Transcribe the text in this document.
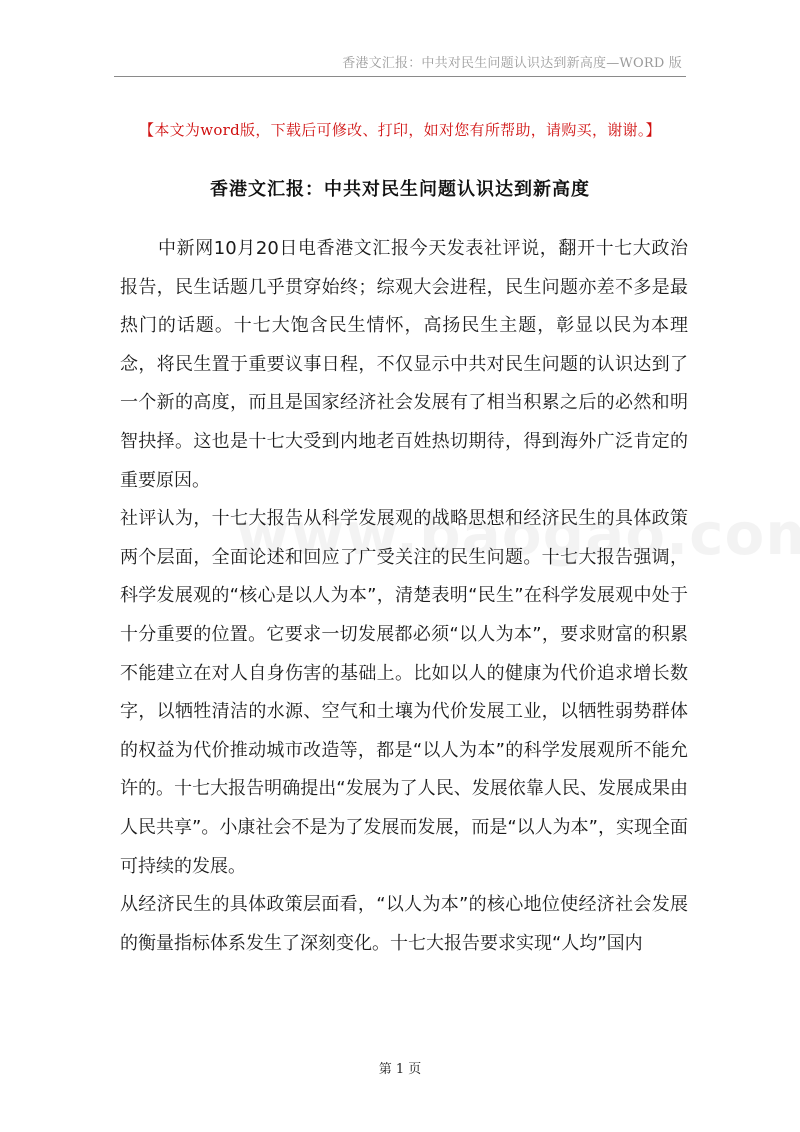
香港文汇报：中共对民生问题认识达到新高度—WORD 版
【本文为word版，下载后可修改、打印，如对您有所帮助，请购买，谢谢。】
香港文汇报：中共对民生问题认识达到新高度

中新网10月20日电香港文汇报今天发表社评说，翻开十七大政治报告，民生话题几乎贯穿始终；综观大会进程，民生问题亦差不多是最热门的话题。十七大饱含民生情怀，高扬民生主题，彰显以民为本理念，将民生置于重要议事日程，不仅显示中共对民生问题的认识达到了一个新的高度，而且是国家经济社会发展有了相当积累之后的必然和明智抉择。这也是十七大受到内地老百姓热切期待，得到海外广泛肯定的重要原因。

社评认为，十七大报告从科学发展观的战略思想和经济民生的具体政策两个层面，全面论述和回应了广受关注的民生问题。十七大报告强调，科学发展观的“核心是以人为本”，清楚表明“民生”在科学发展观中处于十分重要的位置。它要求一切发展都必须“以人为本”，要求财富的积累不能建立在对人自身伤害的基础上。比如以人的健康为代价追求增长数字，以牺牲清洁的水源、空气和土壤为代价发展工业，以牺牲弱势群体的权益为代价推动城市改造等，都是“以人为本”的科学发展观所不能允许的。十七大报告明确提出“发展为了人民、发展依靠人民、发展成果由人民共享”。小康社会不是为了发展而发展，而是“以人为本”，实现全面可持续的发展。

从经济民生的具体政策层面看，“以人为本”的核心地位使经济社会发展的衡量指标体系发生了深刻变化。十七大报告要求实现“人均”国内

第 1 页
